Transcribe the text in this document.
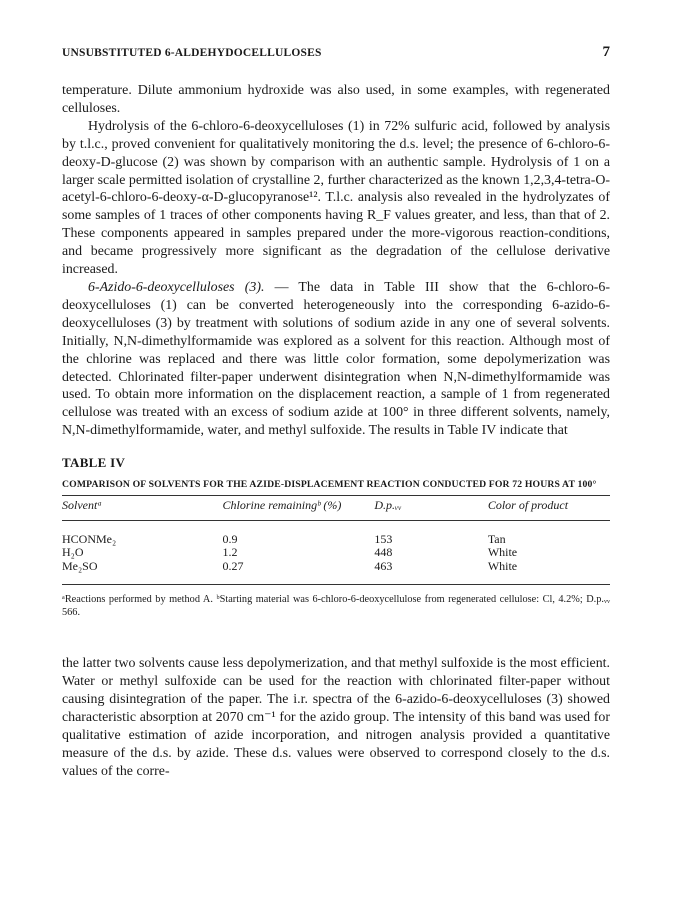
UNSUBSTITUTED 6-ALDEHYDOCELLULOSES	7

temperature. Dilute ammonium hydroxide was also used, in some examples, with regenerated celluloses.

Hydrolysis of the 6-chloro-6-deoxycelluloses (1) in 72% sulfuric acid, followed by analysis by t.l.c., proved convenient for qualitatively monitoring the d.s. level; the presence of 6-chloro-6-deoxy-D-glucose (2) was shown by comparison with an authentic sample. Hydrolysis of 1 on a larger scale permitted isolation of crystalline 2, further characterized as the known 1,2,3,4-tetra-O-acetyl-6-chloro-6-deoxy-α-D-glucopyranose¹². T.l.c. analysis also revealed in the hydrolyzates of some samples of 1 traces of other components having R_F values greater, and less, than that of 2. These components appeared in samples prepared under the more-vigorous reaction-conditions, and became progressively more significant as the degradation of the cellulose derivative increased.

6-Azido-6-deoxycelluloses (3). — The data in Table III show that the 6-chloro-6-deoxycelluloses (1) can be converted heterogeneously into the corresponding 6-azido-6-deoxycelluloses (3) by treatment with solutions of sodium azide in any one of several solvents. Initially, N,N-dimethylformamide was explored as a solvent for this reaction. Although most of the chlorine was replaced and there was little color formation, some depolymerization was detected. Chlorinated filter-paper underwent disintegration when N,N-dimethylformamide was used. To obtain more information on the displacement reaction, a sample of 1 from regenerated cellulose was treated with an excess of sodium azide at 100° in three different solvents, namely, N,N-dimethylformamide, water, and methyl sulfoxide. The results in Table IV indicate that

TABLE IV
COMPARISON OF SOLVENTS FOR THE AZIDE-DISPLACEMENT REACTION CONDUCTED FOR 72 HOURS AT 100°
Solventᵃ	Chlorine remainingᵇ (%)	D.p.ᵥᵥ	Color of product

HCONMe₂	0.9	153	Tan
H₂O	1.2	448	White
Me₂SO	0.27	463	White
ᵃReactions performed by method A. ᵇStarting material was 6-chloro-6-deoxycellulose from regenerated cellulose: Cl, 4.2%; D.p.ᵥᵥ 566.

the latter two solvents cause less depolymerization, and that methyl sulfoxide is the most efficient. Water or methyl sulfoxide can be used for the reaction with chlorinated filter-paper without causing disintegration of the paper. The i.r. spectra of the 6-azido-6-deoxycelluloses (3) showed characteristic absorption at 2070 cm⁻¹ for the azido group. The intensity of this band was used for qualitative estimation of azide incorporation, and nitrogen analysis provided a quantitative measure of the d.s. by azide. These d.s. values were observed to correspond closely to the d.s. values of the corre-
